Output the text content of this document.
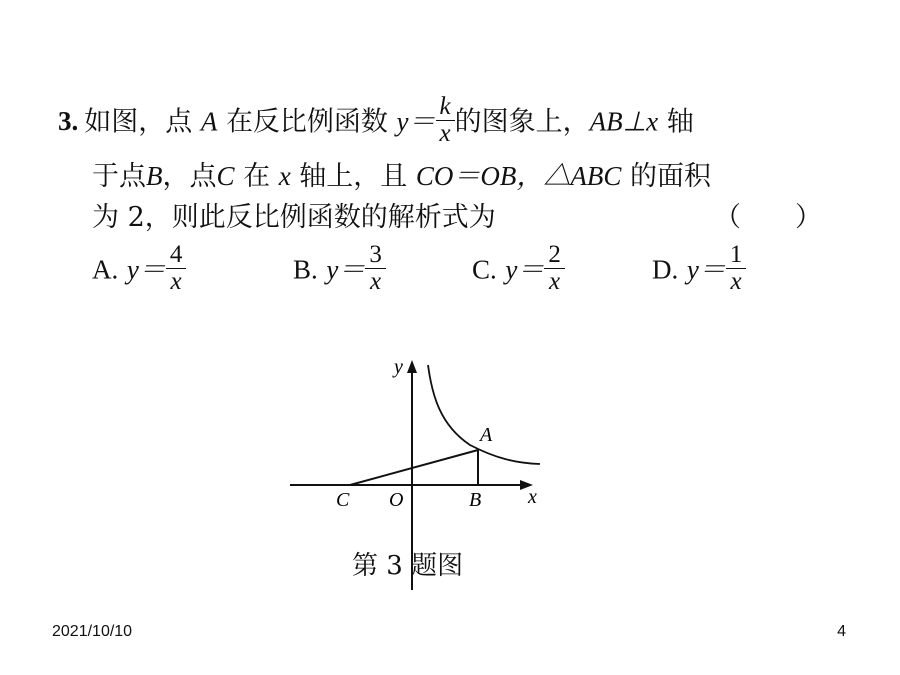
3. 如图，点 A 在反比例函数 $y= \frac{k}{x}$ 的图象上，AB⊥x 轴
于点B，点C 在 x 轴上，且 CO＝OB，△ABC 的面积
为 2，则此反比例函数的解析式为	（　　）
A. $y= \frac{4}{x}$	B. $y= \frac{3}{x}$	C. $y= \frac{2}{x}$	D. $y= \frac{1}{x}$
y
x
A
B
C O
第 3 题图
2021/10/10	4
